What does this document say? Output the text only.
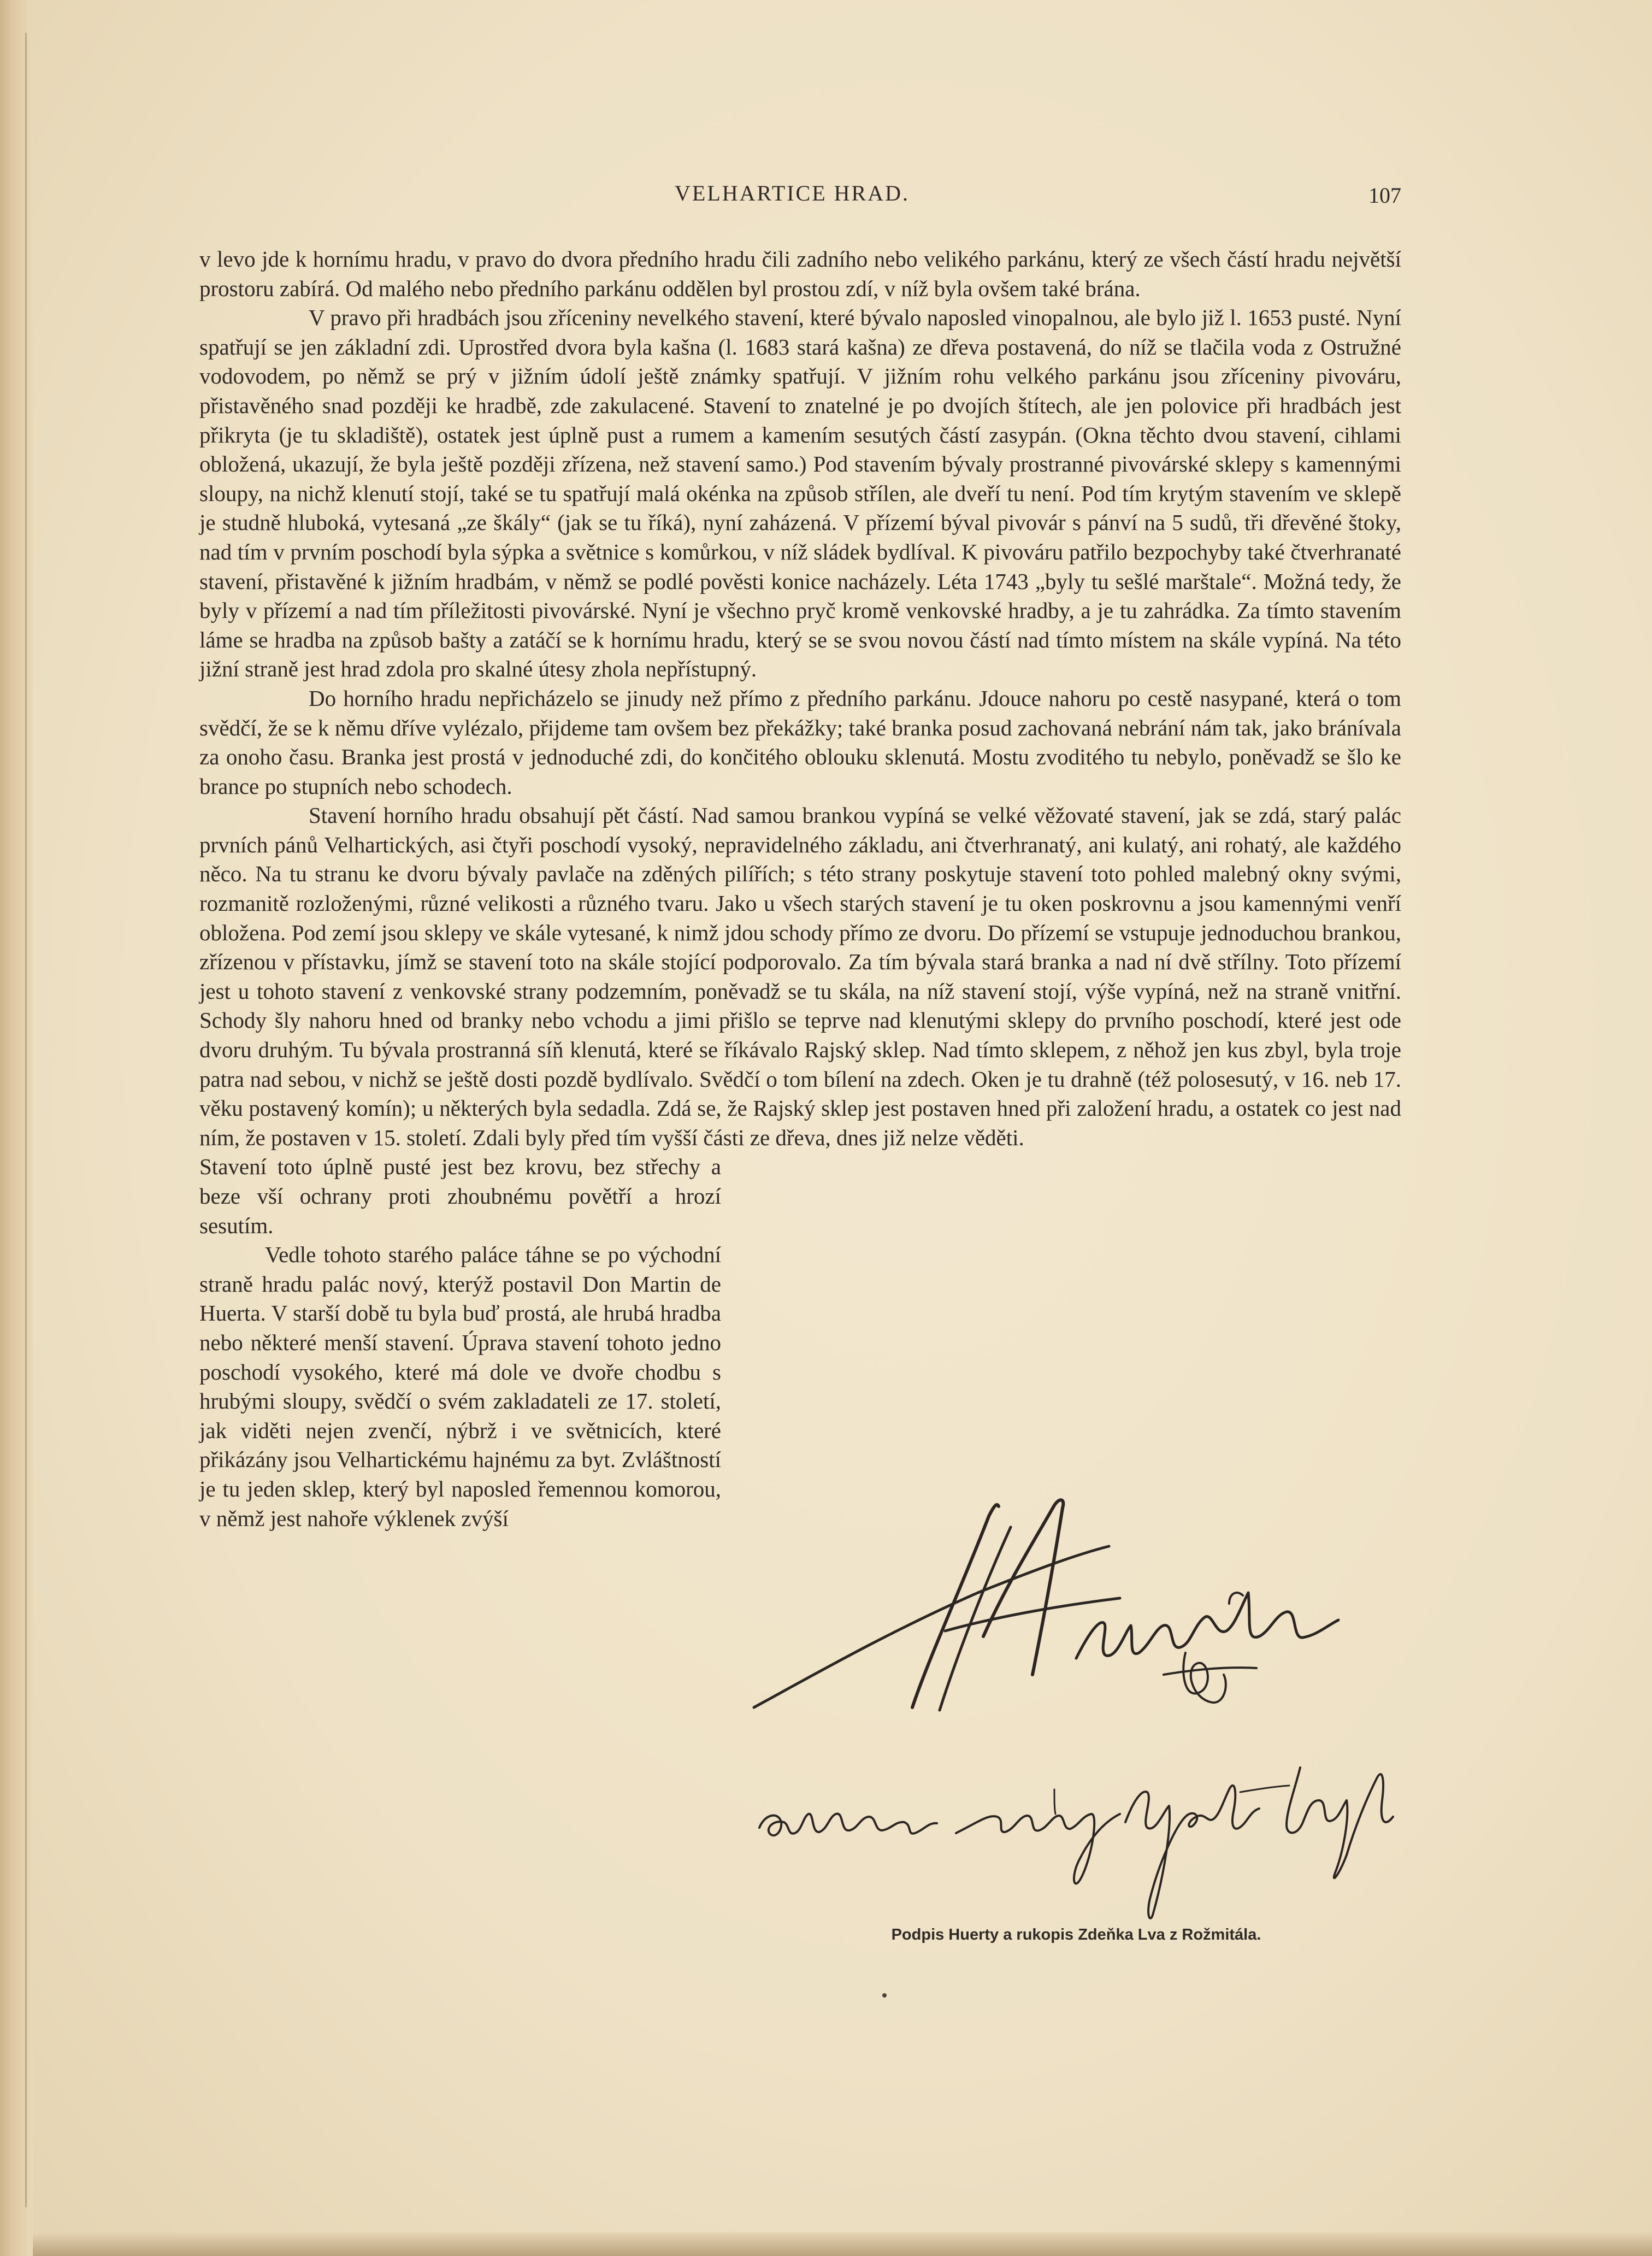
VELHARTICE HRAD.	107

v levo jde k hornímu hradu, v pravo do dvora předního hradu čili zadního nebo velikého parkánu, který ze všech částí hradu největší prostoru zabírá. Od malého nebo předního parkánu oddělen byl prostou zdí, v níž byla ovšem také brána.

V pravo při hradbách jsou zříceniny nevelkého stavení, které bývalo naposled vinopalnou, ale bylo již l. 1653 pusté. Nyní spatřují se jen základní zdi. Uprostřed dvora byla kašna (l. 1683 stará kašna) ze dřeva postavená, do níž se tlačila voda z Ostružné vodovodem, po němž se prý v jižním údolí ještě známky spatřují. V jižním rohu velkého parkánu jsou zříceniny pivováru, přistavěného snad později ke hradbě, zde zakulacené. Stavení to znatelné je po dvojích štítech, ale jen polovice při hradbách jest přikryta (je tu skladiště), ostatek jest úplně pust a rumem a kamením sesutých částí zasypán. (Okna těchto dvou stavení, cihlami obložená, ukazují, že byla ještě později zřízena, než stavení samo.) Pod stavením bývaly prostranné pivovárské sklepy s kamennými sloupy, na nichž klenutí stojí, také se tu spatřují malá okénka na způsob střílen, ale dveří tu není. Pod tím krytým stavením ve sklepě je studně hluboká, vytesaná „ze škály“ (jak se tu říká), nyní zaházená. V přízemí býval pivovár s pánví na 5 sudů, tři dřevěné štoky, nad tím v prvním poschodí byla sýpka a světnice s komůrkou, v níž sládek bydlíval. K pivováru patřilo bezpochyby také čtverhranaté stavení, přistavěné k jižním hradbám, v němž se podlé pověsti konice nacházely. Léta 1743 „byly tu sešlé marštale“. Možná tedy, že byly v přízemí a nad tím příležitosti pivovárské. Nyní je všechno pryč kromě venkovské hradby, a je tu zahrádka. Za tímto stavením láme se hradba na způsob bašty a zatáčí se k hornímu hradu, který se se svou novou částí nad tímto místem na skále vypíná. Na této jižní straně jest hrad zdola pro skalné útesy zhola nepřístupný.

Do horního hradu nepřicházelo se jinudy než přímo z předního parkánu. Jdouce nahoru po cestě nasypané, která o tom svědčí, že se k němu dříve vylézalo, přijdeme tam ovšem bez překážky; také branka posud zachovaná nebrání nám tak, jako bránívala za onoho času. Branka jest prostá v jednoduché zdi, do končitého oblouku sklenutá. Mostu zvoditého tu nebylo, poněvadž se šlo ke brance po stupních nebo schodech.

Stavení horního hradu obsahují pět částí. Nad samou brankou vypíná se velké věžovaté stavení, jak se zdá, starý palác prvních pánů Velhartických, asi čtyři poschodí vysoký, nepravidelného základu, ani čtverhranatý, ani kulatý, ani rohatý, ale každého něco. Na tu stranu ke dvoru bývaly pavlače na zděných pilířích; s této strany poskytuje stavení toto pohled malebný okny svými, rozmanitě rozloženými, různé velikosti a různého tvaru. Jako u všech starých stavení je tu oken poskrovnu a jsou kamennými venří obložena. Pod zemí jsou sklepy ve skále vytesané, k nimž jdou schody přímo ze dvoru. Do přízemí se vstupuje jednoduchou brankou, zřízenou v přístavku, jímž se stavení toto na skále stojící podporovalo. Za tím bývala stará branka a nad ní dvě střílny. Toto přízemí jest u tohoto stavení z venkovské strany podzemním, poněvadž se tu skála, na níž stavení stojí, výše vypíná, než na straně vnitřní. Schody šly nahoru hned od branky nebo vchodu a jimi přišlo se teprve nad klenutými sklepy do prvního poschodí, které jest ode dvoru druhým. Tu bývala prostranná síň klenutá, které se říkávalo Rajský sklep. Nad tímto sklepem, z něhož jen kus zbyl, byla troje patra nad sebou, v nichž se ještě dosti pozdě bydlívalo. Svědčí o tom bílení na zdech. Oken je tu drahně (též polosesutý, v 16. neb 17. věku postavený komín); u některých byla sedadla. Zdá se, že Rajský sklep jest postaven hned při založení hradu, a ostatek co jest nad ním, že postaven v 15. století. Zdali byly před tím vyšší části ze dřeva, dnes již nelze věděti.

Stavení toto úplně pusté jest bez krovu, bez střechy a beze vší ochrany proti zhoubnému povětří a hrozí sesutím.

Vedle tohoto starého paláce táhne se po východní straně hradu palác nový, kterýž postavil Don Martin de Huerta. V starší době tu byla buď prostá, ale hrubá hradba nebo některé menší stavení. Úprava stavení tohoto jedno poschodí vysokého, které má dole ve dvoře chodbu s hrubými sloupy, svědčí o svém zakladateli ze 17. století, jak viděti nejen zvenčí, nýbrž i ve světnicích, které přikázány jsou Velhartickému hajnému za byt. Zvláštností je tu jeden sklep, který byl naposled řemennou komorou, v němž jest nahoře výklenek zvýší

Podpis Huerty a rukopis Zdeňka Lva z Rožmitála.
